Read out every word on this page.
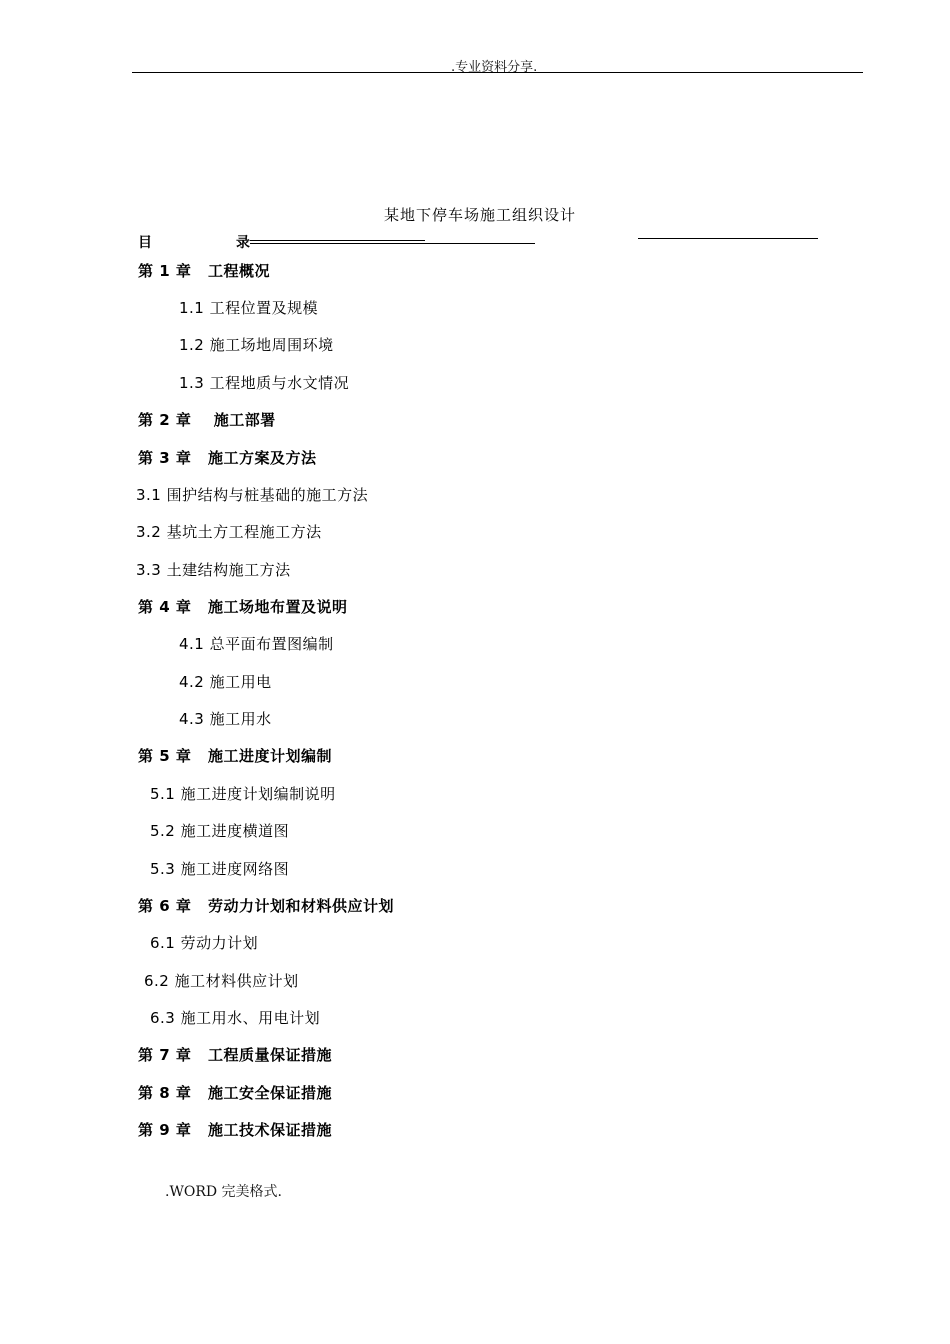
.专业资料分享.
某地下停车场施工组织设计
目	录
第 1 章 工程概况
1.1 工程位置及规模
1.2 施工场地周围环境
1.3 工程地质与水文情况
第 2 章 施工部署
第 3 章 施工方案及方法
3.1 围护结构与桩基础的施工方法
3.2 基坑土方工程施工方法
3.3 土建结构施工方法
第 4 章 施工场地布置及说明
4.1 总平面布置图编制
4.2 施工用电
4.3 施工用水
第 5 章 施工进度计划编制
5.1 施工进度计划编制说明
5.2 施工进度横道图
5.3 施工进度网络图
第 6 章 劳动力计划和材料供应计划
6.1 劳动力计划
6.2 施工材料供应计划
6.3 施工用水、用电计划
第 7 章 工程质量保证措施
第 8 章 施工安全保证措施
第 9 章 施工技术保证措施
.WORD 完美格式.
